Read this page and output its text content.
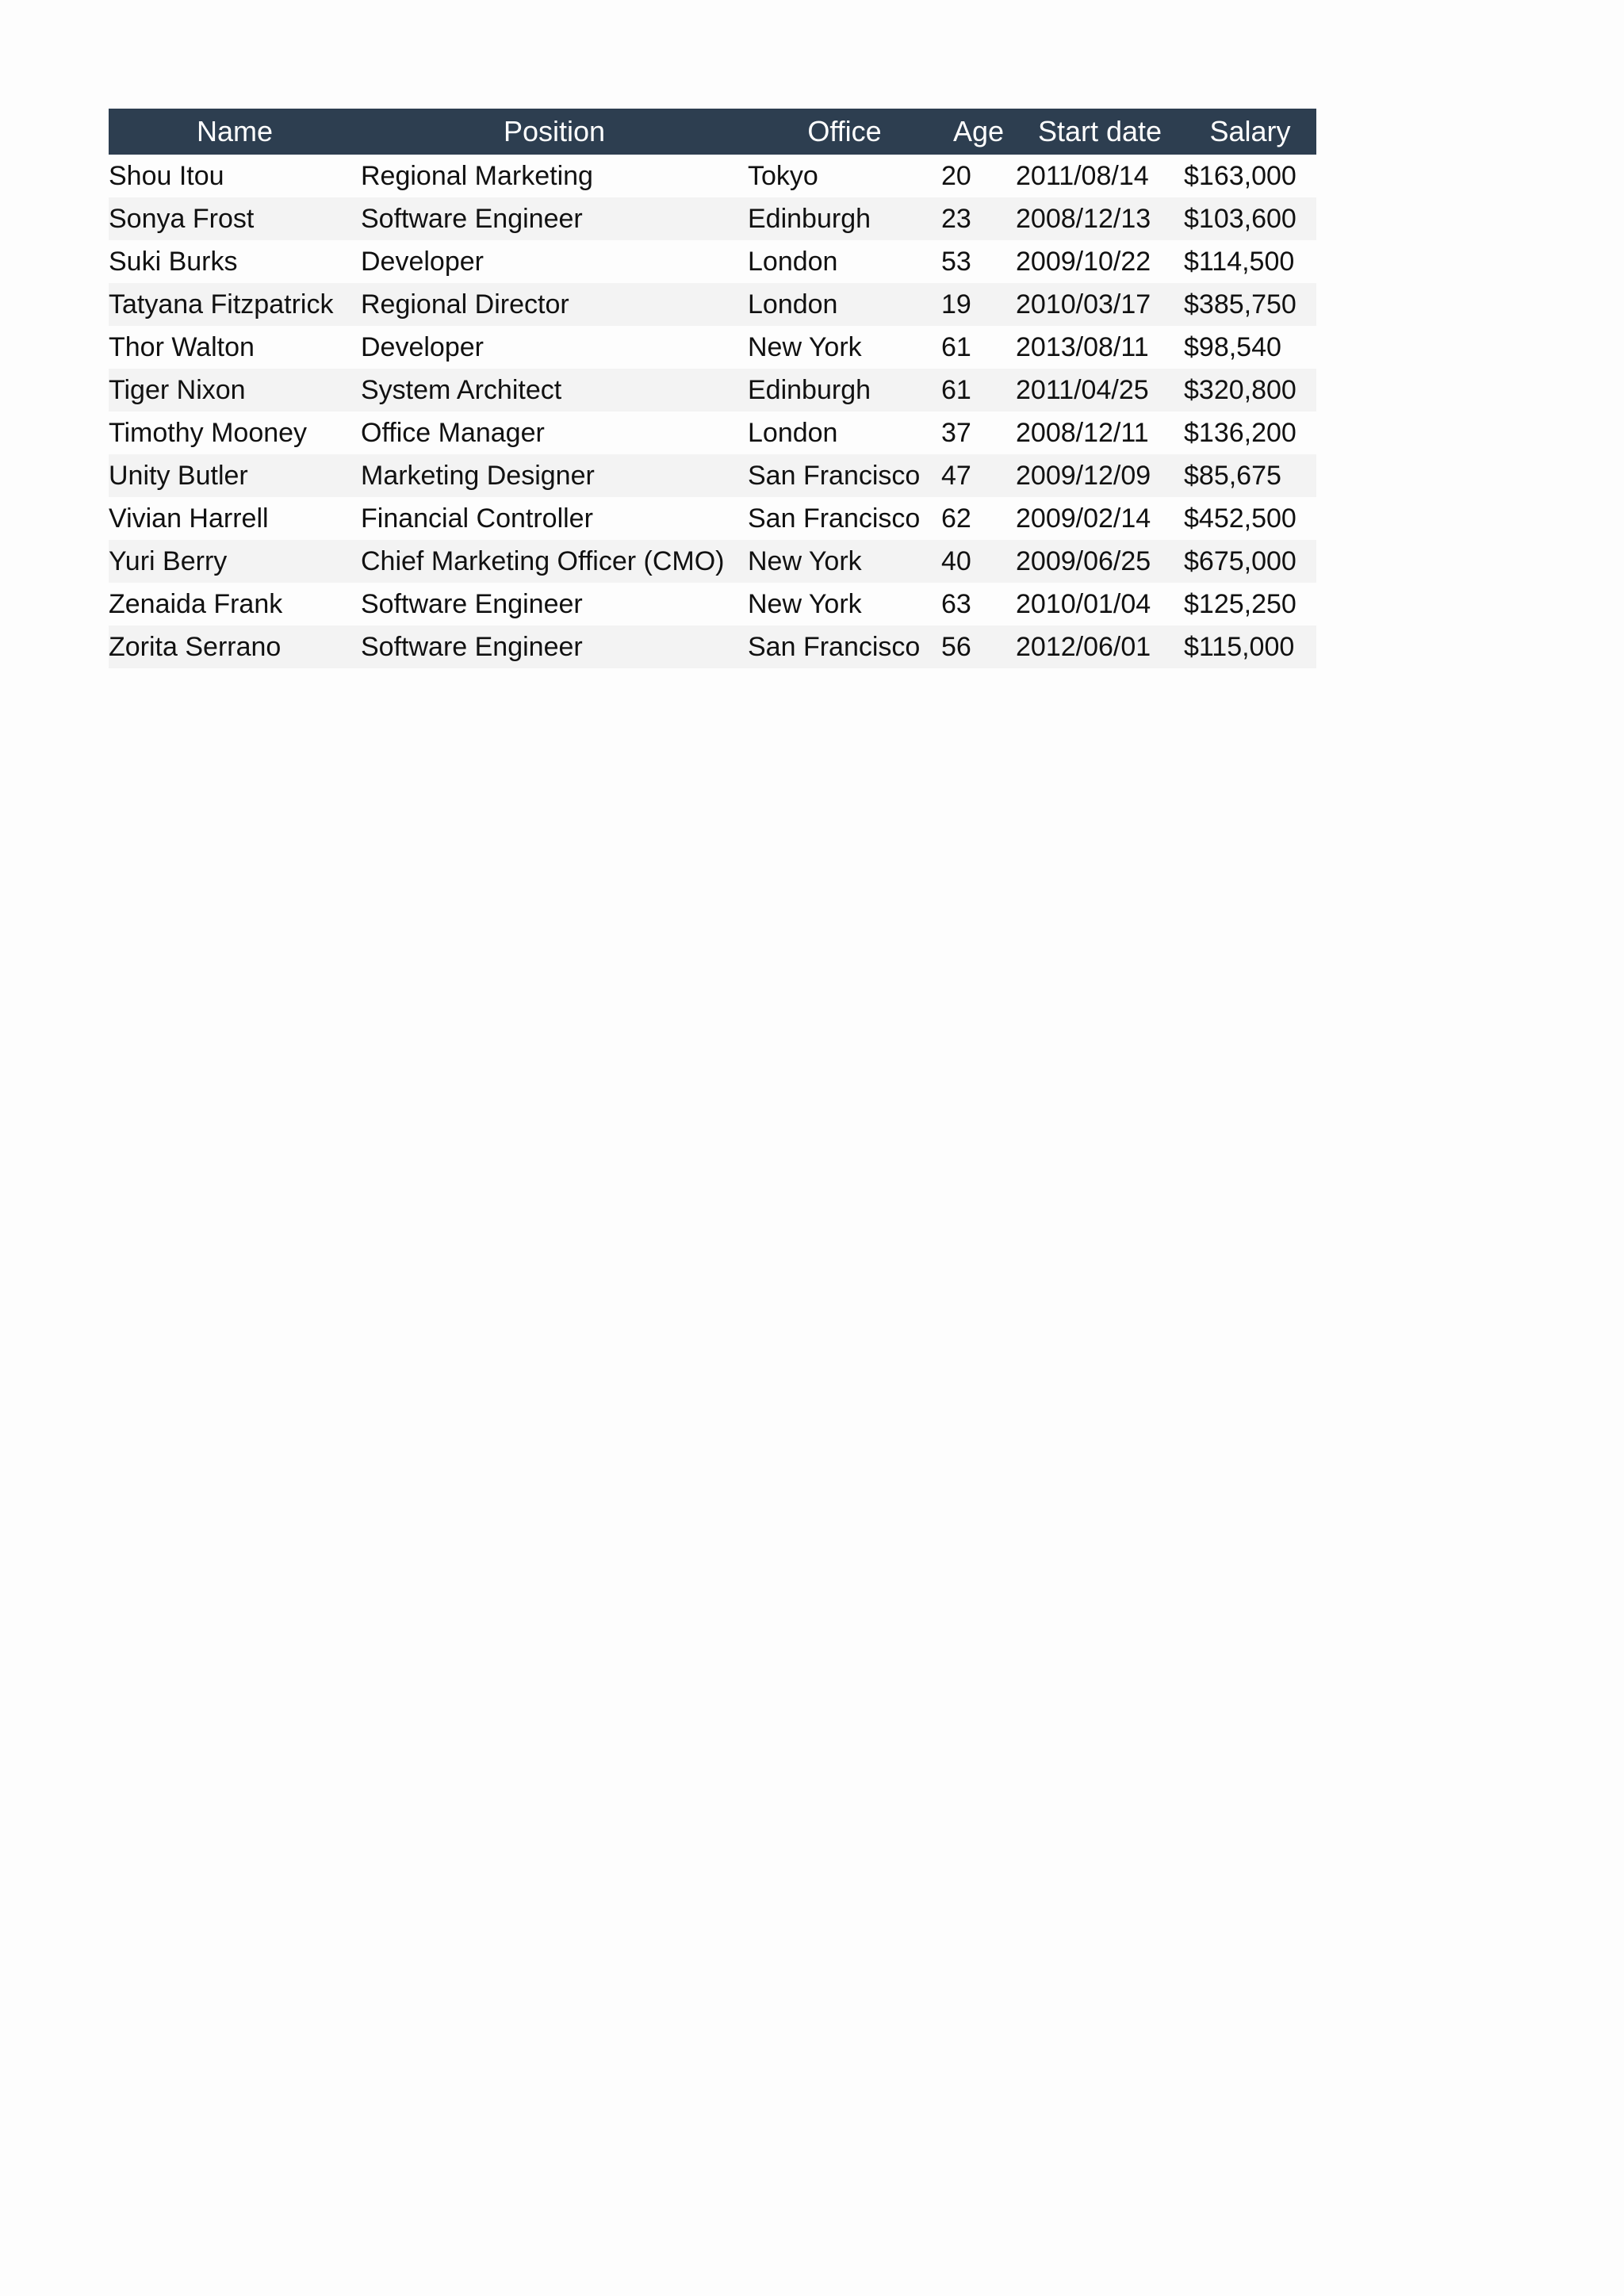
Name	Position	Office	Age	Start date	Salary
Shou Itou	Regional Marketing	Tokyo	20	2011/08/14	$163,000
Sonya Frost	Software Engineer	Edinburgh	23	2008/12/13	$103,600
Suki Burks	Developer	London	53	2009/10/22	$114,500
Tatyana Fitzpatrick	Regional Director	London	19	2010/03/17	$385,750
Thor Walton	Developer	New York	61	2013/08/11	$98,540
Tiger Nixon	System Architect	Edinburgh	61	2011/04/25	$320,800
Timothy Mooney	Office Manager	London	37	2008/12/11	$136,200
Unity Butler	Marketing Designer	San Francisco	47	2009/12/09	$85,675
Vivian Harrell	Financial Controller	San Francisco	62	2009/02/14	$452,500
Yuri Berry	Chief Marketing Officer (CMO)	New York	40	2009/06/25	$675,000
Zenaida Frank	Software Engineer	New York	63	2010/01/04	$125,250
Zorita Serrano	Software Engineer	San Francisco	56	2012/06/01	$115,000
